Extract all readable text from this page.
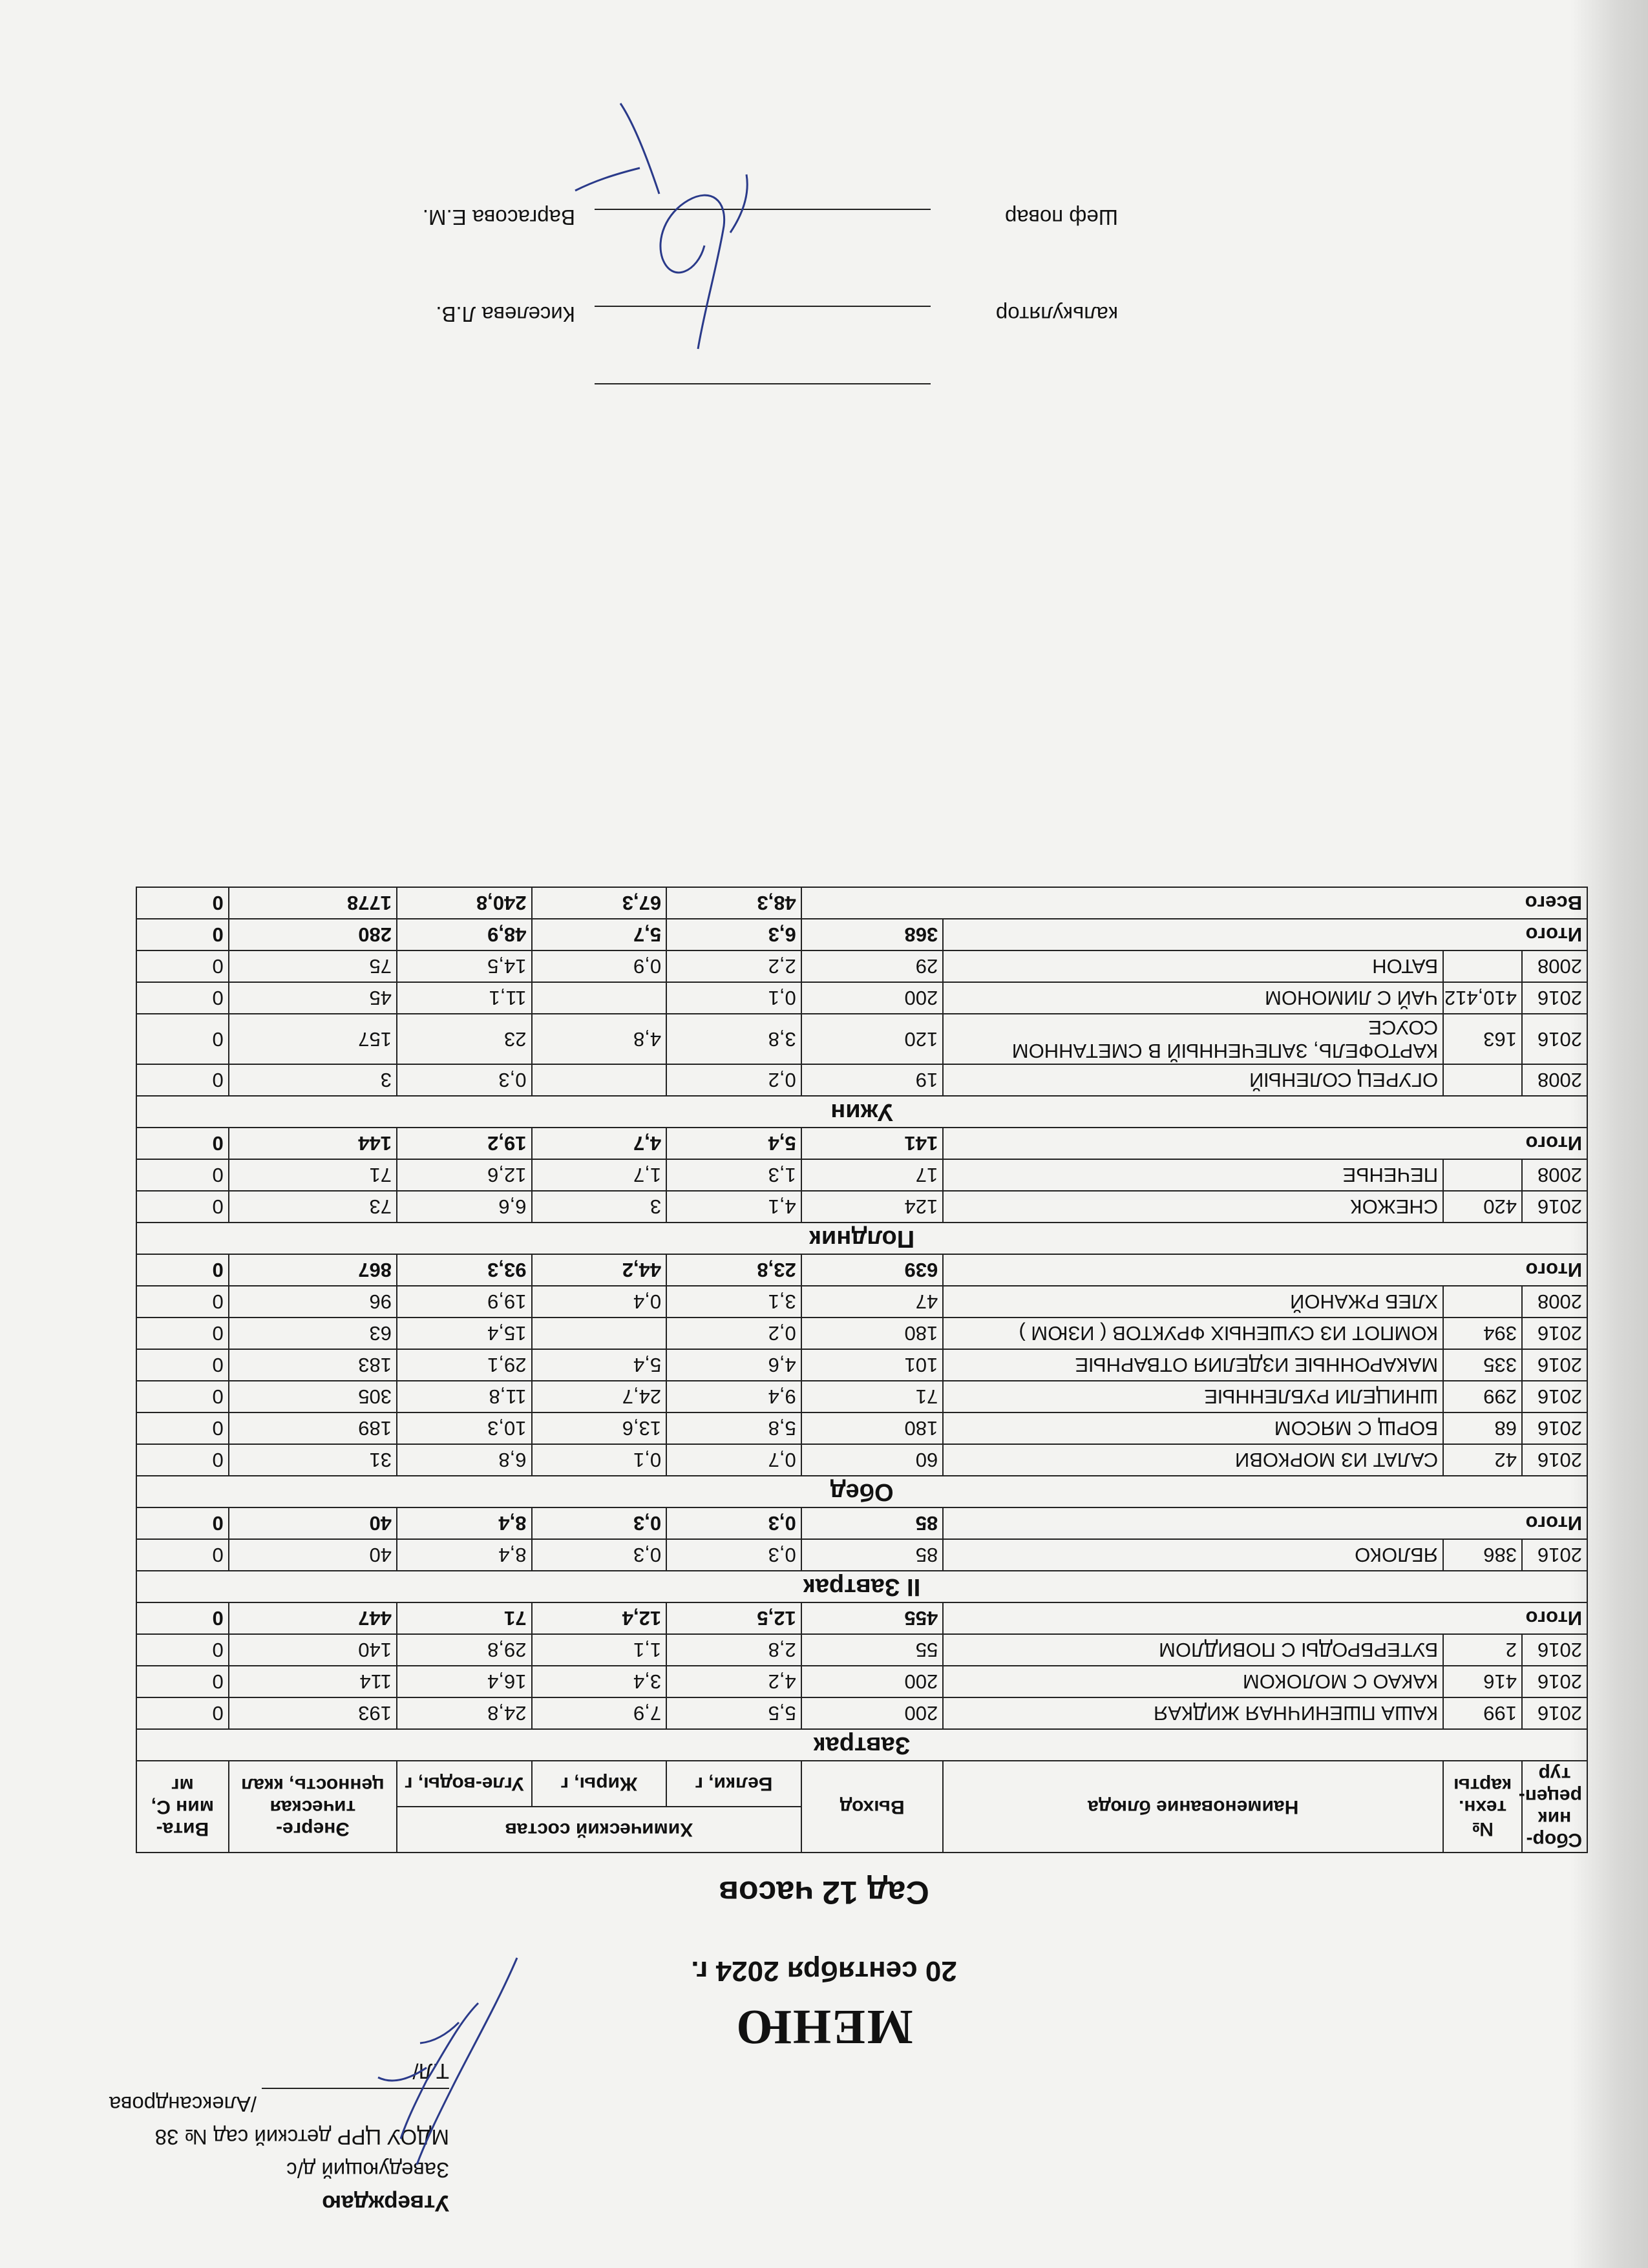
Утверждаю
Заведующий д/с
МДОУ ЦРР детский сад № 38
/Александрова Т.Л/
МЕНЮ
20 сентября 2024 г.
Сад 12 часов
Сбор-ник рецеп-тур	№ техн. карты	Наименование блюда	Выход	Химический состав			Энерге-тическая ценность, ккал	Вита-мин С, мг
				Белки, г	Жиры, г	Угле-воды, г		
Завтрак								
2016	199	КАША ПШЕНИЧНАЯ ЖИДКАЯ	200	5,5	7,9	24,8	193	0
2016	416	КАКАО С МОЛОКОМ	200	4,2	3,4	16,4	114	0
2016	2	БУТЕРБРОДЫ С ПОВИДЛОМ	55	2,8	1,1	29,8	140	0
Итого			455	12,5	12,4	71	447	0
II Завтрак								
2016	386	ЯБЛОКО	85	0,3	0,3	8,4	40	0
Итого			85	0,3	0,3	8,4	40	0
Обед								
2016	42	САЛАТ ИЗ МОРКОВИ	60	0,7	0,1	6,8	31	0
2016	68	БОРЩ С МЯСОМ	180	5,8	13,6	10,3	189	0
2016	299	ШНИЦЕЛИ РУБЛЕННЫЕ	71	9,4	24,7	11,8	305	0
2016	335	МАКАРОННЫЕ ИЗДЕЛИЯ ОТВАРНЫЕ	101	4,6	5,4	29,1	183	0
2016	394	КОМПОТ ИЗ СУШЕНЫХ ФРУКТОВ ( ИЗЮМ )	180	0,2		15,4	63	0
2008		ХЛЕБ РЖАНОЙ	47	3,1	0,4	19,9	96	0
Итого			639	23,8	44,2	93,3	867	0
Полдник								
2016	420	СНЕЖОК	124	4,1	3	6,6	73	0
2008		ПЕЧЕНЬЕ	17	1,3	1,7	12,6	71	0
Итого			141	5,4	4,7	19,2	144	0
Ужин								
2008		ОГУРЕЦ СОЛЕНЫЙ	19	0,2		0,3	3	0
2016	163	КАРТОФЕЛЬ, ЗАПЕЧЕННЫЙ В СМЕТАННОМ СОУСЕ	120	3,8	4,8	23	157	0
2016	410,412	ЧАЙ С ЛИМОНОМ	200	0,1		11,1	45	0
2008		БАТОН	29	2,2	0,9	14,5	75	0
Итого			368	6,3	5,7	48,9	280	0
Всего				48,3	67,3	240,8	1778	0
калькулятор
Киселева Л.В.
Шеф повар
Варгасова Е.М.
